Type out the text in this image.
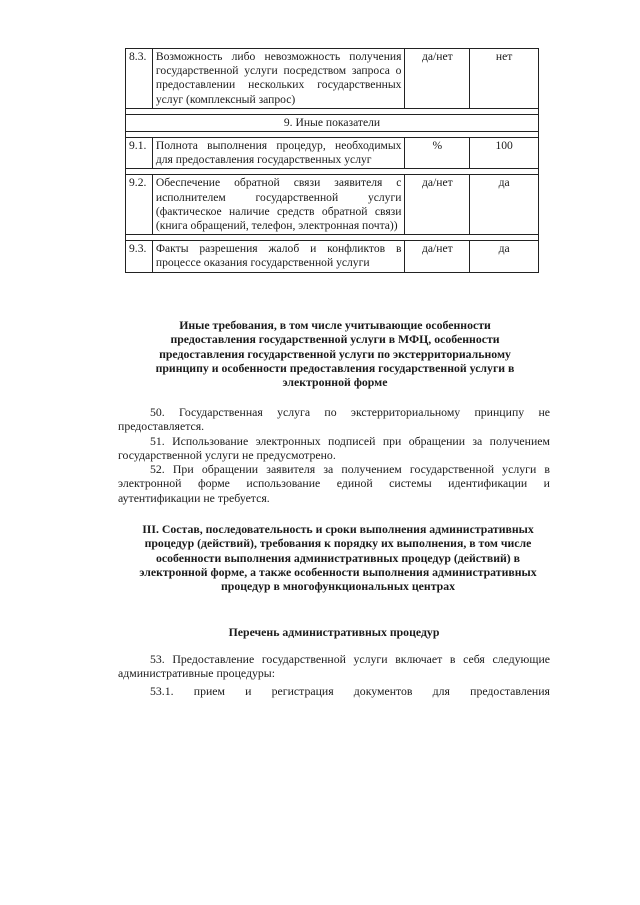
8.3.	Возможность либо невозможность получения государственной услуги посредством запроса о предоставлении нескольких государственных услуг (комплексный запрос)	да/нет	нет

9. Иные показатели			

9.1.	Полнота выполнения процедур, необходимых для предоставления государственных услуг	%	100

9.2.	Обеспечение обратной связи заявителя с исполнителем государственной услуги (фактическое наличие средств обратной связи (книга обращений, телефон, электронная почта))	да/нет	да

9.3.	Факты разрешения жалоб и конфликтов в процессе оказания государственной услуги	да/нет	да
Иные требования, в том числе учитывающие особенности предоставления государственной услуги в МФЦ, особенности предоставления государственной услуги по экстерриториальному принципу и особенности предоставления государственной услуги в электронной форме

50. Государственная услуга по экстерриториальному принципу не предоставляется.

51. Использование электронных подписей при обращении за получением государственной услуги не предусмотрено.

52. При обращении заявителя за получением государственной услуги в электронной форме использование единой системы идентификации и аутентификации не требуется.

III. Состав, последовательность и сроки выполнения административных процедур (действий), требования к порядку их выполнения, в том числе особенности выполнения административных процедур (действий) в электронной форме, а также особенности выполнения административных процедур в многофункциональных центрах
Перечень административных процедур

53. Предоставление государственной услуги включает в себя следующие административные процедуры:

53.1. прием и регистрация документов для предоставления
